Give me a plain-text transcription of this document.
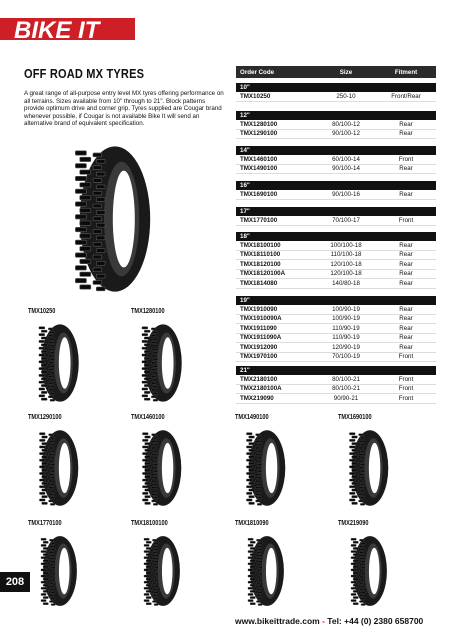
BIKE IT
OFF ROAD MX TYRES
A great range of all-purpose entry level MX tyres offering performance on all terrains. Sizes available from 10" through to 21". Block patterns provide optimum drive and corner grip. Tyres supplied are Cougar brand whenever possible, if Cougar is not available Bike It will send an alternative brand of equivalent specification.
Order Code	Size	Fitment
10"
TMX10250	250-10	Front/Rear
12"
TMX1280100	80/100-12	Rear
TMX1290100	90/100-12	Rear
14"
TMX1460100	60/100-14	Front
TMX1490100	90/100-14	Rear
16"
TMX1690100	90/100-16	Rear
17"
TMX1770100	70/100-17	Front
18"
TMX18100100	100/100-18	Rear
TMX18110100	110/100-18	Rear
TMX18120100	120/100-18	Rear
TMX18120100A	120/100-18	Rear
TMX1814080	140/80-18	Rear
19"
TMX1910090	100/90-19	Rear
TMX1910090A	100/90-19	Rear
TMX1911090	110/90-19	Rear
TMX1911090A	110/90-19	Rear
TMX1912090	120/90-19	Rear
TMX1970100	70/100-19	Front
21"
TMX2180100	80/100-21	Front
TMX2180100A	80/100-21	Front
TMX219090	90/90-21	Front
TMX10250	TMX1280100
TMX1290100	TMX1460100	TMX1490100	TMX1690100
TMX1770100	TMX18100100	TMX1810090	TMX219090
208
www.bikeittrade.com - Tel: +44 (0) 2380 658700
